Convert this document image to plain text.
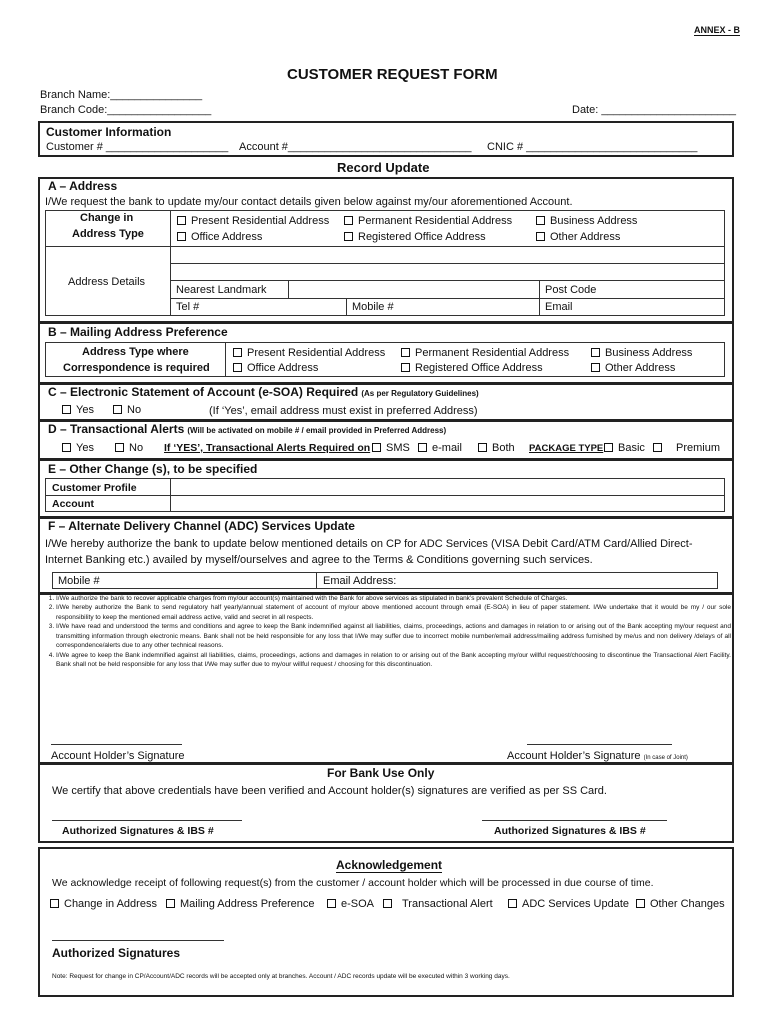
ANNEX - B
CUSTOMER REQUEST FORM
Branch Name:_______________
Branch Code:_________________	Date: ______________________
Customer Information
Customer # ____________________ Account #______________________________ CNIC # ____________________________
Record Update
A – Address
I/We request the bank to update my/our contact details given below against my/our aforementioned Account.
Change in
Address Type
Present Residential Address	Permanent Residential Address	Business Address
Office Address	Registered Office Address	Other Address
Address Details
Nearest Landmark	Post Code
Tel #	Mobile #	Email
B – Mailing Address Preference
Address Type where
Correspondence is required
Present Residential Address	Permanent Residential Address	Business Address
Office Address	Registered Office Address	Other Address
C – Electronic Statement of Account (e-SOA) Required (As per Regulatory Guidelines)
Yes	No	(If ‘Yes’, email address must exist in preferred Address)
D – Transactional Alerts (Will be activated on mobile # / email provided in Preferred Address)
Yes	No If ‘YES’, Transactional Alerts Required on	SMS	e-mail	Both PACKAGE TYPE	Basic	Premium
E – Other Change (s), to be specified
Customer Profile
Account
F – Alternate Delivery Channel (ADC) Services Update
I/We hereby authorize the bank to update below mentioned details on CP for ADC Services (VISA Debit Card/ATM Card/Allied Direct-
Internet Banking etc.) availed by myself/ourselves and agree to the Terms & Conditions governing such services.
Mobile #	Email Address:
1. I/We authorize the bank to recover applicable charges from my/our account(s) maintained with the Bank for above services as stipulated in bank’s prevalent Schedule of Charges.
2. I/We hereby authorize the Bank to send regulatory half yearly/annual statement of account of my/our above mentioned account through email (E-SOA) in lieu of paper statement. I/We undertake that it would be my / our sole responsibility to keep the mentioned email address active, valid and secret in all respects.
3. I/We have read and understood the terms and conditions and agree to keep the Bank indemnified against all liabilities, claims, proceedings, actions and damages in relation to or arising out of the Bank accepting my/our request and transmitting information through electronic means. Bank shall not be held responsible for any loss that I/We may suffer due to incorrect mobile number/email address/mailing address furnished by me/us and non delivery /delays of all correspondence/alerts due to any other technical reasons.
4. I/We agree to keep the Bank indemnified against all liabilities, claims, proceedings, actions and damages in relation to or arising out of the Bank accepting my/our willful request/choosing to discontinue the Transactional Alert Facility. Bank shall not be held responsible for any loss that I/We may suffer due to my/our willful request / choosing for this discontinuation.
Account Holder’s Signature	Account Holder’s Signature (In case of Joint)
For Bank Use Only
We certify that above credentials have been verified and Account holder(s) signatures are verified as per SS Card.
Authorized Signatures & IBS #	Authorized Signatures & IBS #
Acknowledgement
We acknowledge receipt of following request(s) from the customer / account holder which will be processed in due course of time.
Change in Address	Mailing Address Preference	e-SOA	Transactional Alert	ADC Services Update	Other Changes
Authorized Signatures
Note: Request for change in CP/Account/ADC records will be accepted only at branches. Account / ADC records update will be executed within 3 working days.
